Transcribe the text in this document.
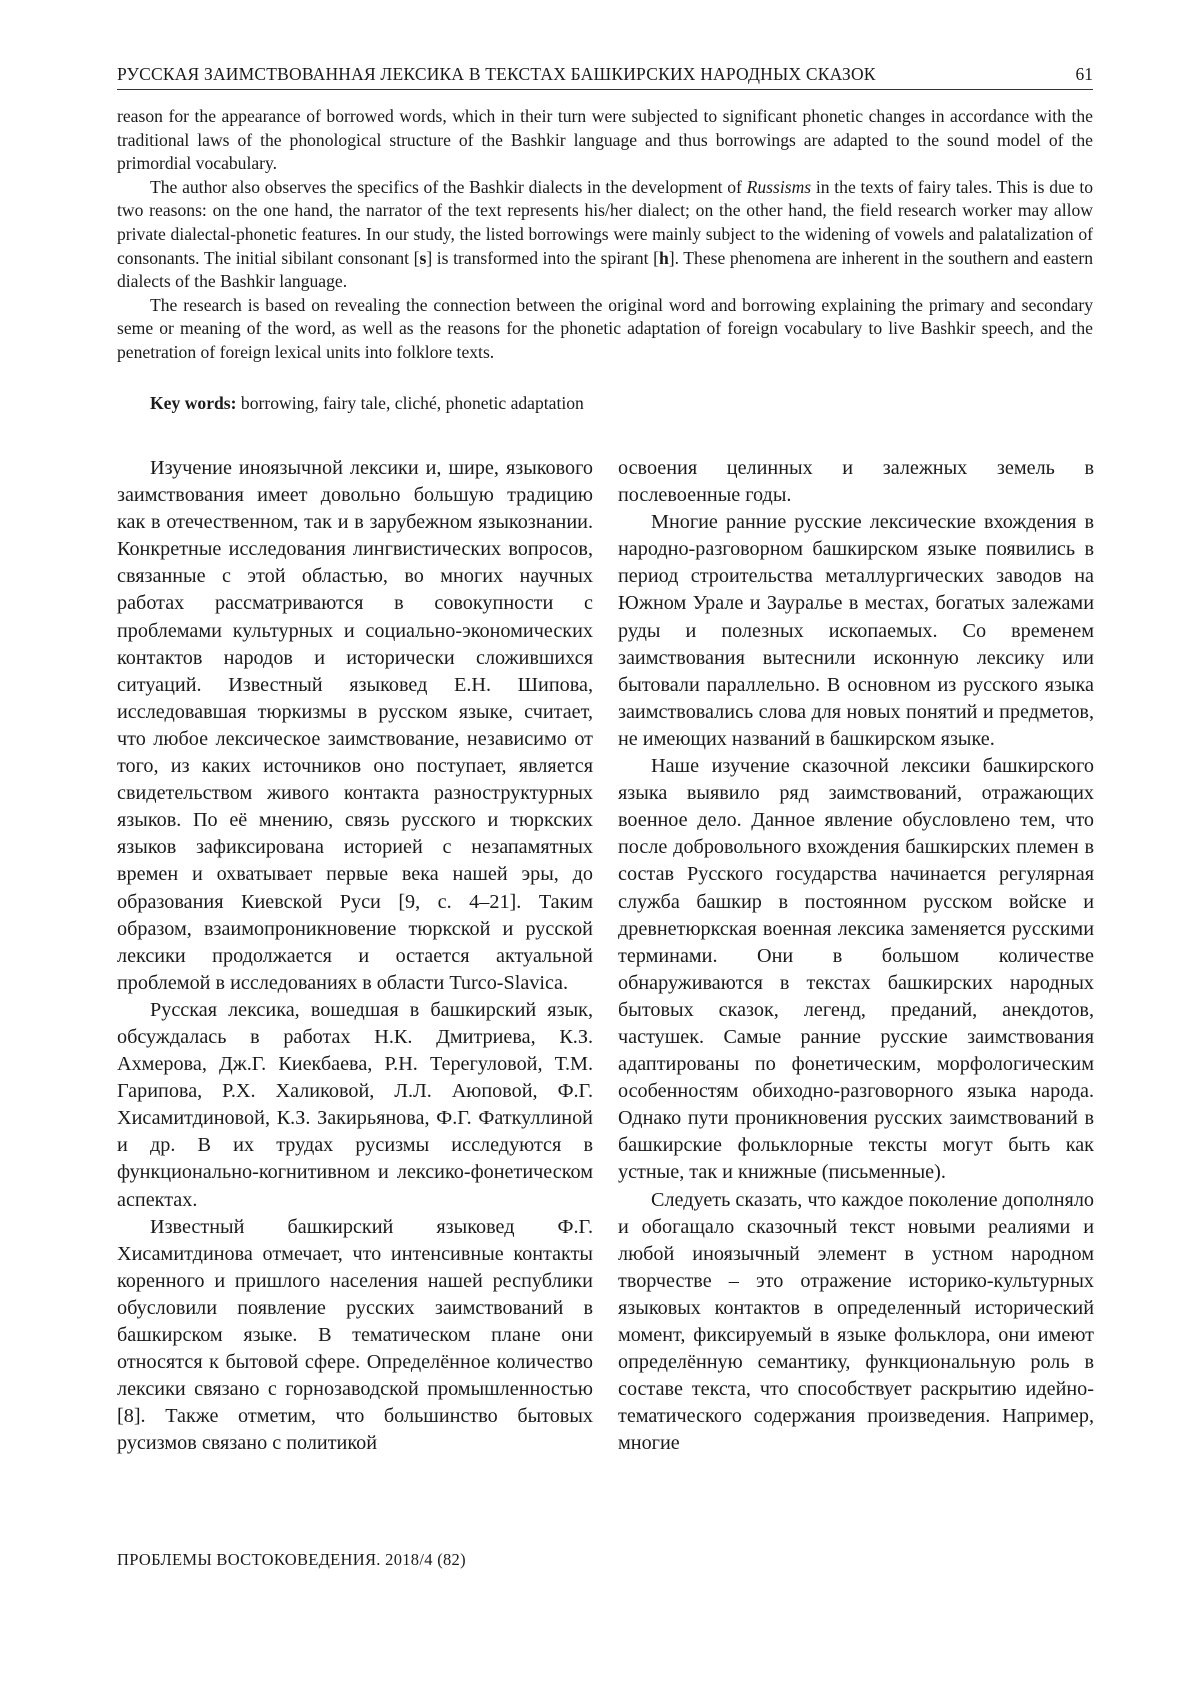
РУССКАЯ ЗАИМСТВОВАННАЯ ЛЕКСИКА В ТЕКСТАХ БАШКИРСКИХ НАРОДНЫХ СКАЗОК	61

reason for the appearance of borrowed words, which in their turn were subjected to significant phonetic changes in accordance with the traditional laws of the phonological structure of the Bashkir language and thus borrowings are adapted to the sound model of the primordial vocabulary.

The author also observes the specifics of the Bashkir dialects in the development of Russisms in the texts of fairy tales. This is due to two reasons: on the one hand, the narrator of the text represents his/her dialect; on the other hand, the field research worker may allow private dialectal-phonetic features. In our study, the listed borrowings were mainly subject to the widening of vowels and palatalization of consonants. The initial sibilant consonant [s] is transformed into the spirant [h]. These phenomena are inherent in the southern and eastern dialects of the Bashkir language.

The research is based on revealing the connection between the original word and borrowing explaining the primary and secondary seme or meaning of the word, as well as the reasons for the phonetic adaptation of foreign vocabulary to live Bashkir speech, and the penetration of foreign lexical units into folklore texts.

Key words: borrowing, fairy tale, cliché, phonetic adaptation

Изучение иноязычной лексики и, шире, языкового заимствования имеет довольно большую традицию как в отечественном, так и в зарубежном языкознании. Конкретные исследования лингвистических вопросов, связанные с этой областью, во многих научных работах рассматриваются в совокупности с проблемами культурных и социально-экономических контактов народов и исторически сложившихся ситуаций. Известный языковед Е.Н. Шипова, исследовавшая тюркизмы в русском языке, считает, что любое лексическое заимствование, независимо от того, из каких источников оно поступает, является свидетельством живого контакта разноструктурных языков. По её мнению, связь русского и тюркских языков зафиксирована историей с незапамятных времен и охватывает первые века нашей эры, до образования Киевской Руси [9, с. 4–21]. Таким образом, взаимопроникновение тюркской и русской лексики продолжается и остается актуальной проблемой в исследованиях в области Turco-Slavica.

Русская лексика, вошедшая в башкирский язык, обсуждалась в работах Н.К. Дмитриева, К.З. Ахмерова, Дж.Г. Киекбаева, Р.Н. Терегуловой, Т.М. Гарипова, Р.Х. Халиковой, Л.Л. Аюповой, Ф.Г. Хисамитдиновой, К.З. Закирьянова, Ф.Г. Фаткуллиной и др. В их трудах русизмы исследуются в функционально-когнитивном и лексико-фонетическом аспектах.

Известный башкирский языковед Ф.Г. Хисамитдинова отмечает, что интенсивные контакты коренного и пришлого населения нашей республики обусловили появление русских заимствований в башкирском языке. В тематическом плане они относятся к бытовой сфере. Определённое количество лексики связано с горнозаводской промышленностью [8]. Также отметим, что большинство бытовых русизмов связано с политикой

освоения целинных и залежных земель в послевоенные годы.

Многие ранние русские лексические вхождения в народно-разговорном башкирском языке появились в период строительства металлургических заводов на Южном Урале и Зауралье в местах, богатых залежами руды и полезных ископаемых. Со временем заимствования вытеснили исконную лексику или бытовали параллельно. В основном из русского языка заимствовались слова для новых понятий и предметов, не имеющих названий в башкирском языке.

Наше изучение сказочной лексики башкирского языка выявило ряд заимствований, отражающих военное дело. Данное явление обусловлено тем, что после добровольного вхождения башкирских племен в состав Русского государства начинается регулярная служба башкир в постоянном русском войске и древнетюркская военная лексика заменяется русскими терминами. Они в большом количестве обнаруживаются в текстах башкирских народных бытовых сказок, легенд, преданий, анекдотов, частушек. Самые ранние русские заимствования адаптированы по фонетическим, морфологическим особенностям обиходно-разговорного языка народа. Однако пути проникновения русских заимствований в башкирские фольклорные тексты могут быть как устные, так и книжные (письменные).

Следуеть сказать, что каждое поколение дополняло и обогащало сказочный текст новыми реалиями и любой иноязычный элемент в устном народном творчестве – это отражение историко-культурных языковых контактов в определенный исторический момент, фиксируемый в языке фольклора, они имеют определённую семантику, функциональную роль в составе текста, что способствует раскрытию идейно-тематического содержания произведения. Например, многие

ПРОБЛЕМЫ ВОСТОКОВЕДЕНИЯ. 2018/4 (82)
